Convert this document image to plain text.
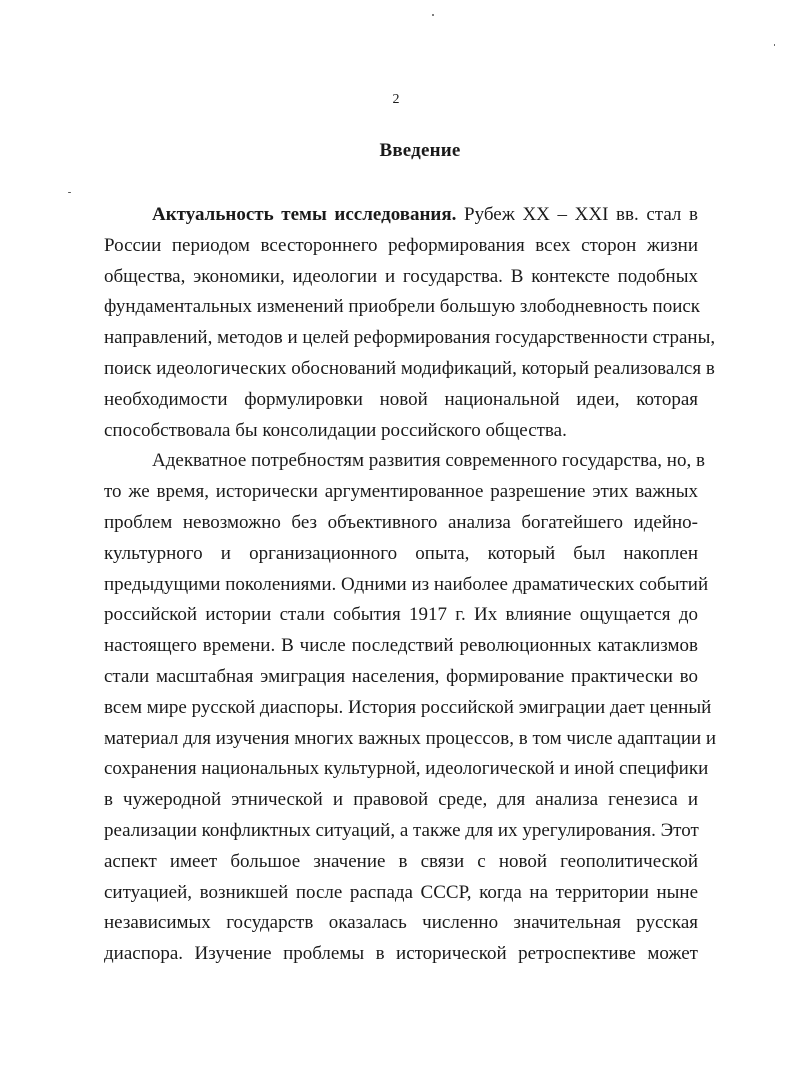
2
Введение
Актуальность темы исследования. Рубеж XX – XXI вв. стал в
России периодом всестороннего реформирования всех сторон жизни
общества, экономики, идеологии и государства. В контексте подобных
фундаментальных изменений приобрели большую злободневность поиск
направлений, методов и целей реформирования государственности страны,
поиск идеологических обоснований модификаций, который реализовался в
необходимости формулировки новой национальной идеи, которая
способствовала бы консолидации российского общества.
Адекватное потребностям развития современного государства, но, в
то же время, исторически аргументированное разрешение этих важных
проблем невозможно без объективного анализа богатейшего идейно-
культурного и организационного опыта, который был накоплен
предыдущими поколениями. Одними из наиболее драматических событий
российской истории стали события 1917 г. Их влияние ощущается до
настоящего времени. В числе последствий революционных катаклизмов
стали масштабная эмиграция населения, формирование практически во
всем мире русской диаспоры. История российской эмиграции дает ценный
материал для изучения многих важных процессов, в том числе адаптации и
сохранения национальных культурной, идеологической и иной специфики
в чужеродной этнической и правовой среде, для анализа генезиса и
реализации конфликтных ситуаций, а также для их урегулирования. Этот
аспект имеет большое значение в связи с новой геополитической
ситуацией, возникшей после распада СССР, когда на территории ныне
независимых государств оказалась численно значительная русская
диаспора. Изучение проблемы в исторической ретроспективе может
